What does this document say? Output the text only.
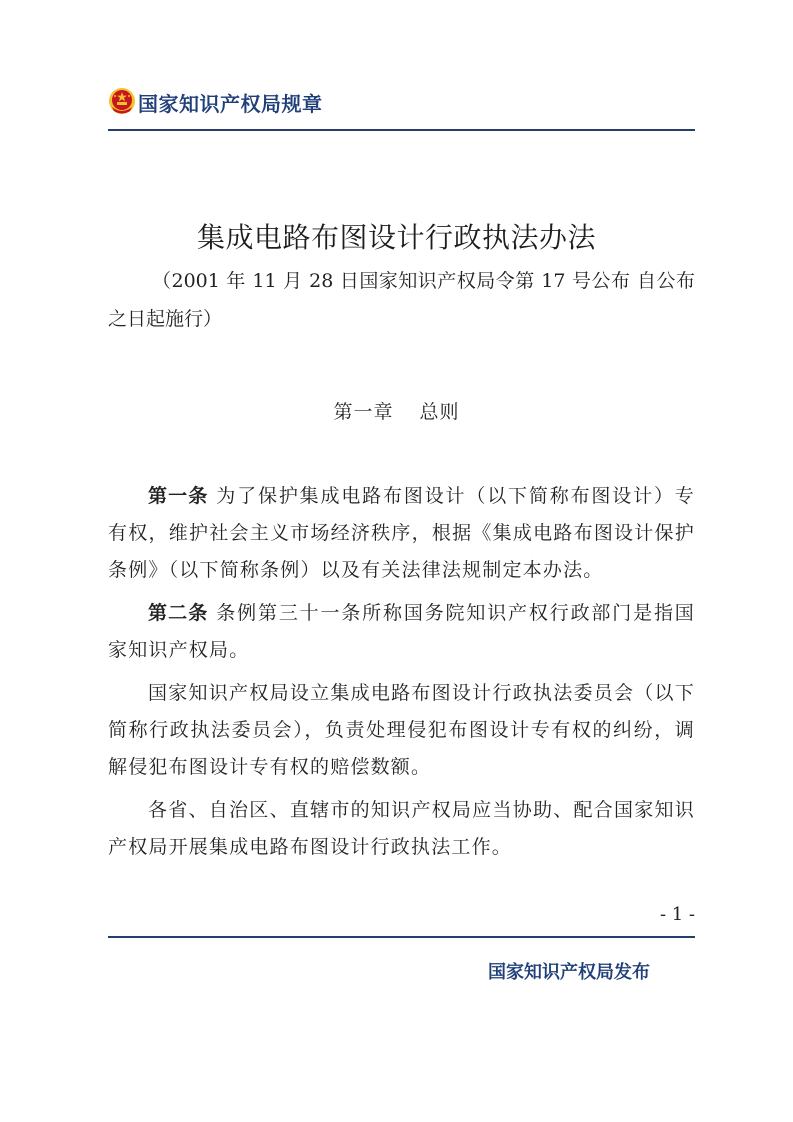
国家知识产权局规章
集成电路布图设计行政执法办法
（2001 年 11 月 28 日国家知识产权局令第 17 号公布 自公布之日起施行）
第一章 总则

第一条 为了保护集成电路布图设计（以下简称布图设计）专有权，维护社会主义市场经济秩序，根据《集成电路布图设计保护条例》（以下简称条例）以及有关法律法规制定本办法。

第二条 条例第三十一条所称国务院知识产权行政部门是指国家知识产权局。

国家知识产权局设立集成电路布图设计行政执法委员会（以下简称行政执法委员会），负责处理侵犯布图设计专有权的纠纷，调解侵犯布图设计专有权的赔偿数额。

各省、自治区、直辖市的知识产权局应当协助、配合国家知识产权局开展集成电路布图设计行政执法工作。

- 1 -
国家知识产权局发布
